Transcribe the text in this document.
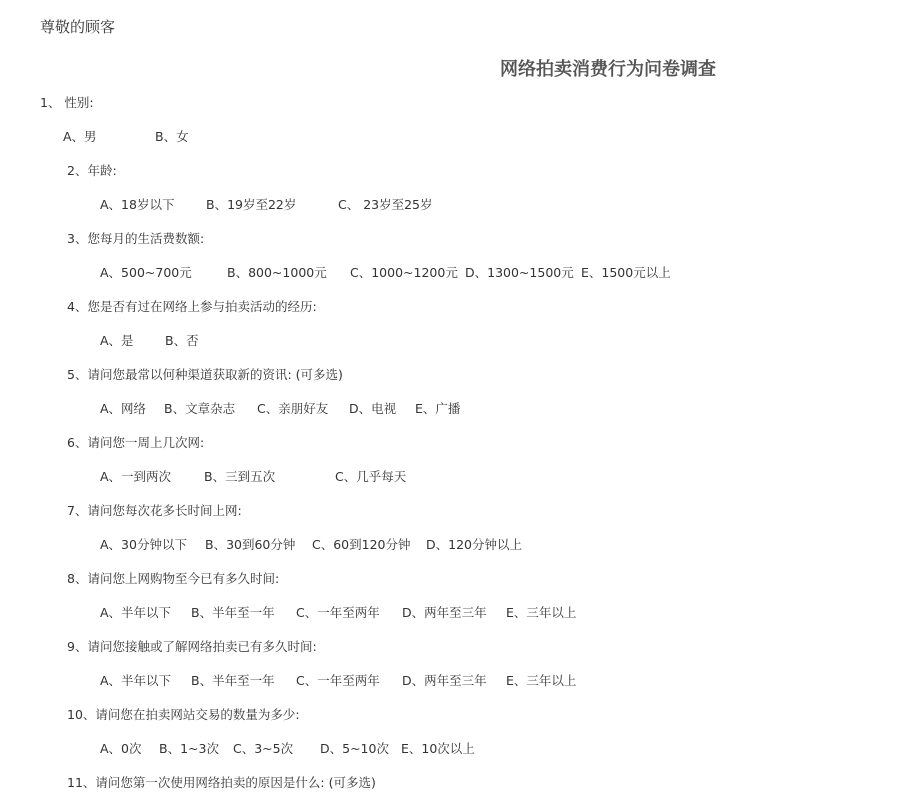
尊敬的顾客
网络拍卖消费行为问卷调查
1、 性别:
A、男	B、女
2、年龄:
A、18岁以下	B、19岁至22岁	C、 23岁至25岁
3、您每月的生活费数额:
A、500~700元	B、800~1000元 C、1000~1200元 D、1300~1500元 E、1500元以上
4、您是否有过在网络上参与拍卖活动的经历:
A、是	B、否
5、请问您最常以何种渠道获取新的资讯: (可多选)
A、网络 B、文章杂志 C、亲朋好友 D、电视 E、广播
6、请问您一周上几次网:
A、一到两次	B、三到五次	C、几乎每天
7、请问您每次花多长时间上网:
A、30分钟以下 B、30到60分钟 C、60到120分钟 D、120分钟以上
8、请问您上网购物至今已有多久时间:
A、半年以下 B、半年至一年 C、一年至两年 D、两年至三年 E、三年以上
9、请问您接触或了解网络拍卖已有多久时间:
A、半年以下 B、半年至一年 C、一年至两年 D、两年至三年 E、三年以上
10、请问您在拍卖网站交易的数量为多少:
A、0次 B、1~3次 C、3~5次 D、5~10次 E、10次以上
11、请问您第一次使用网络拍卖的原因是什么: (可多选)
